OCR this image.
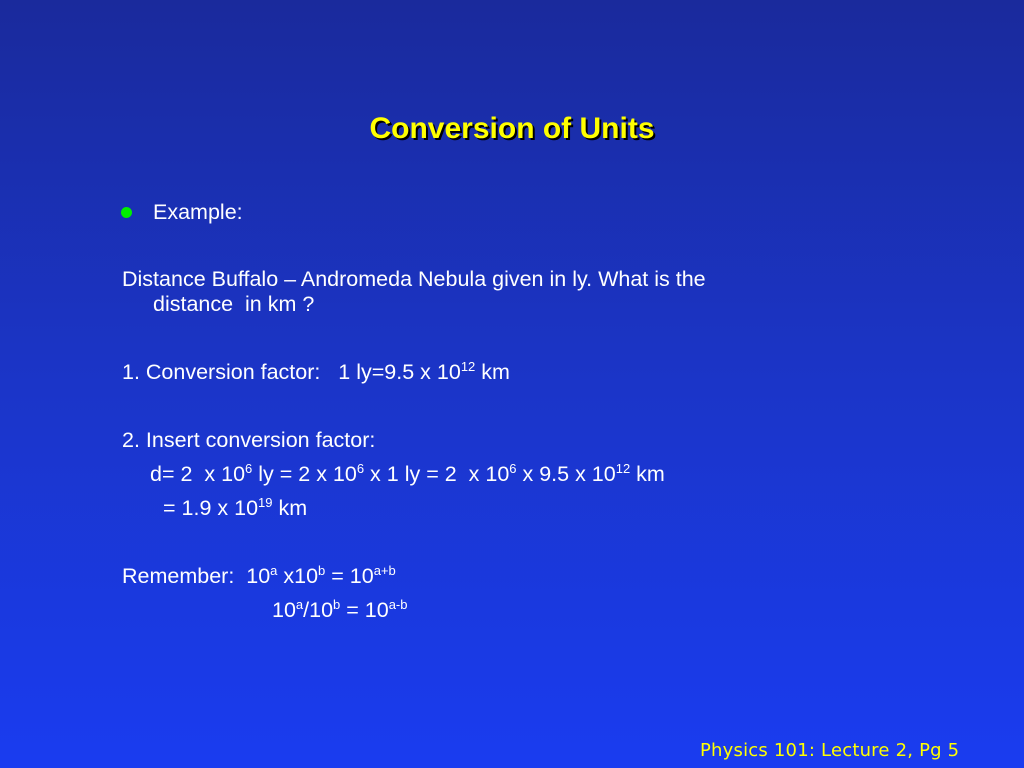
Conversion of Units
Example:
Distance Buffalo – Andromeda Nebula given in ly. What is the
distance  in km ?
1. Conversion factor:   1 ly=9.5 x $10^{12}$ km
2. Insert conversion factor:
d= 2  x $10^6$ ly = 2 x $10^6$ x 1 ly = 2  x $10^6$ x 9.5 x $10^{12}$ km
= 1.9 x $10^{19}$ km
Remember:  10$^a$ $x10^b = 10^{a+b}$
$10^a/10^b = 10^{a-b}$
Physics 101: Lecture 2, Pg 5
